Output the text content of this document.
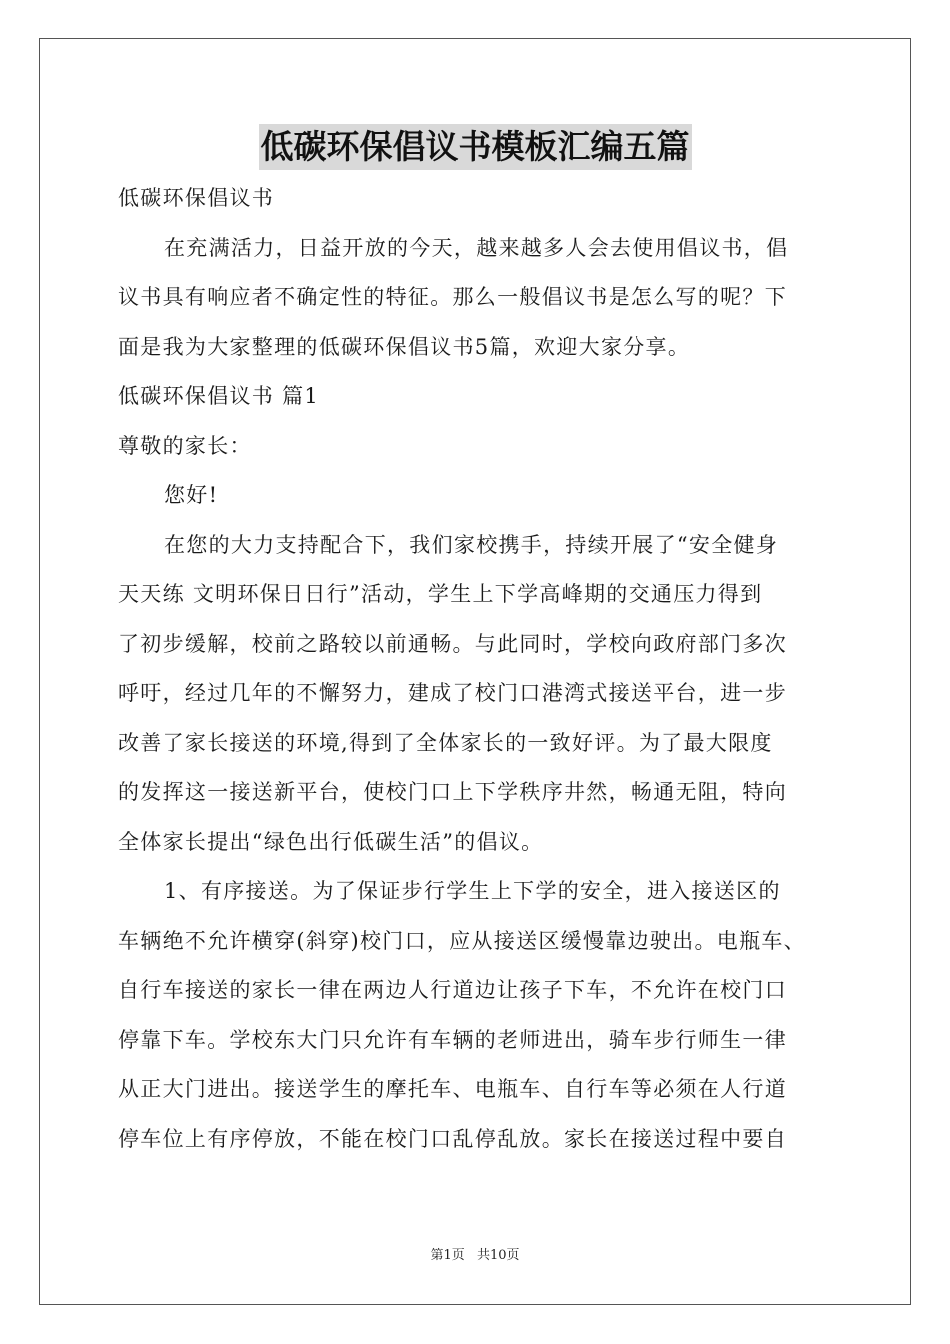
低碳环保倡议书模板汇编五篇
低碳环保倡议书
在充满活力，日益开放的今天，越来越多人会去使用倡议书，倡
议书具有响应者不确定性的特征。那么一般倡议书是怎么写的呢？下
面是我为大家整理的低碳环保倡议书5篇，欢迎大家分享。
低碳环保倡议书 篇1
尊敬的家长：
您好!
在您的大力支持配合下，我们家校携手，持续开展了“安全健身
天天练 文明环保日日行”活动，学生上下学高峰期的交通压力得到
了初步缓解，校前之路较以前通畅。与此同时，学校向政府部门多次
呼吁，经过几年的不懈努力，建成了校门口港湾式接送平台，进一步
改善了家长接送的环境,得到了全体家长的一致好评。为了最大限度
的发挥这一接送新平台，使校门口上下学秩序井然，畅通无阻，特向
全体家长提出“绿色出行低碳生活”的倡议。
1、有序接送。为了保证步行学生上下学的安全，进入接送区的
车辆绝不允许横穿(斜穿)校门口，应从接送区缓慢靠边驶出。电瓶车、
自行车接送的家长一律在两边人行道边让孩子下车，不允许在校门口
停靠下车。学校东大门只允许有车辆的老师进出，骑车步行师生一律
从正大门进出。接送学生的摩托车、电瓶车、自行车等必须在人行道
停车位上有序停放，不能在校门口乱停乱放。家长在接送过程中要自
第1页 共10页
